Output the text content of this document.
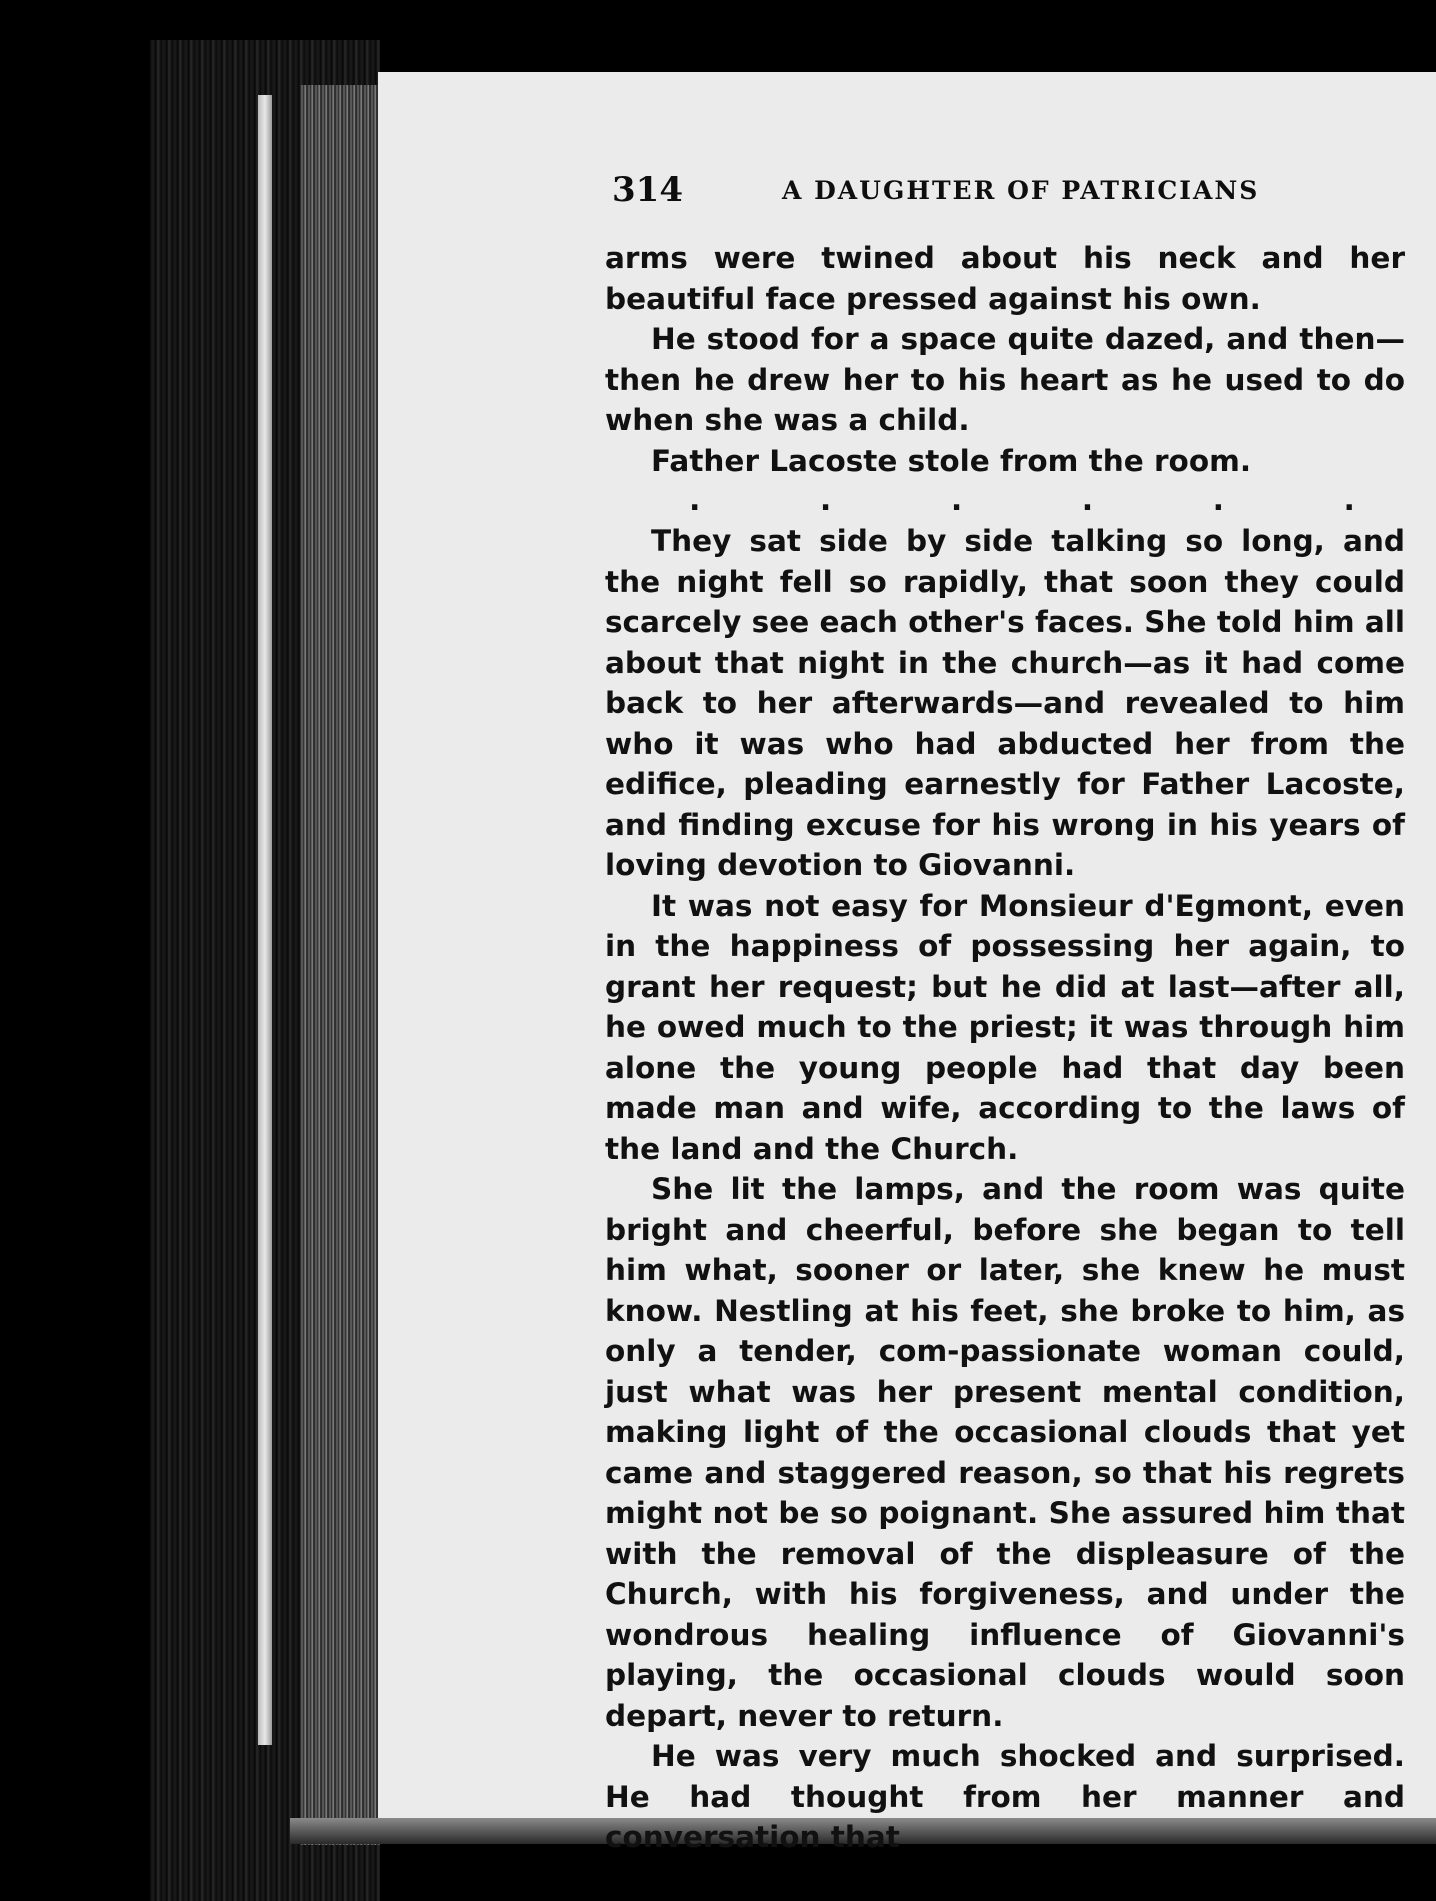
314	A DAUGHTER OF PATRICIANS

arms were twined about his neck and her beautiful face pressed against his own.

He stood for a space quite dazed, and then—then he drew her to his heart as he used to do when she was a child.

Father Lacoste stole from the room.

.	.	.	.	.	.

They sat side by side talking so long, and the night fell so rapidly, that soon they could scarcely see each other's faces. She told him all about that night in the church—as it had come back to her afterwards—and revealed to him who it was who had abducted her from the edifice, pleading earnestly for Father Lacoste, and finding excuse for his wrong in his years of loving devotion to Giovanni.

It was not easy for Monsieur d'Egmont, even in the happiness of possessing her again, to grant her request; but he did at last—after all, he owed much to the priest; it was through him alone the young people had that day been made man and wife, according to the laws of the land and the Church.

She lit the lamps, and the room was quite bright and cheerful, before she began to tell him what, sooner or later, she knew he must know. Nestling at his feet, she broke to him, as only a tender, com-passionate woman could, just what was her present mental condition, making light of the occasional clouds that yet came and staggered reason, so that his regrets might not be so poignant. She assured him that with the removal of the displeasure of the Church, with his forgiveness, and under the wondrous healing influence of Giovanni's playing, the occasional clouds would soon depart, never to return.

He was very much shocked and surprised. He had thought from her manner and conversation that
